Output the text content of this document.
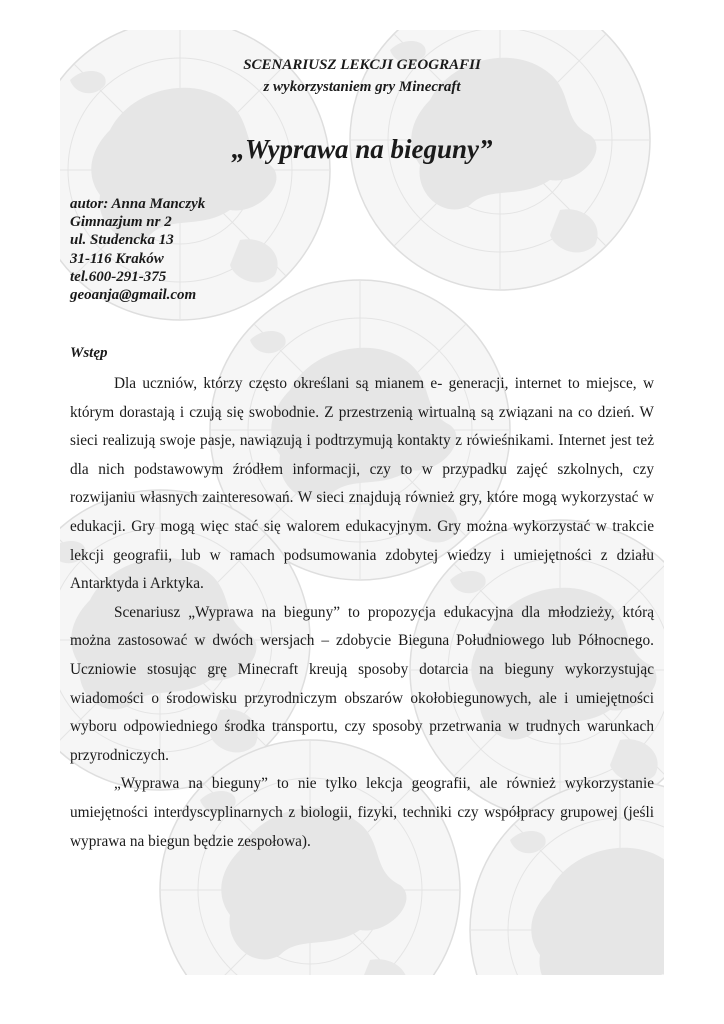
SCENARIUSZ LEKCJI GEOGRAFII
z wykorzystaniem gry Minecraft
„Wyprawa na bieguny”
autor: Anna Manczyk
Gimnazjum nr 2
ul. Studencka 13
31-116 Kraków
tel.600-291-375
geoanja@gmail.com
Wstęp

Dla uczniów, którzy często określani są mianem e- generacji, internet to miejsce, w którym dorastają i czują się swobodnie. Z przestrzenią wirtualną są związani na co dzień. W sieci realizują swoje pasje, nawiązują i podtrzymują kontakty z rówieśnikami. Internet jest też dla nich podstawowym źródłem informacji, czy to w przypadku zajęć szkolnych, czy rozwijaniu własnych zainteresowań. W sieci znajdują również gry, które mogą wykorzystać w edukacji. Gry mogą więc stać się walorem edukacyjnym. Gry można wykorzystać w trakcie lekcji geografii, lub w ramach podsumowania zdobytej wiedzy i umiejętności z działu Antarktyda i Arktyka.

Scenariusz „Wyprawa na bieguny” to propozycja edukacyjna dla młodzieży, którą można zastosować w dwóch wersjach – zdobycie Bieguna Południowego lub Północnego. Uczniowie stosując grę Minecraft kreują sposoby dotarcia na bieguny wykorzystując wiadomości o środowisku przyrodniczym obszarów okołobiegunowych, ale i umiejętności wyboru odpowiedniego środka transportu, czy sposoby przetrwania w trudnych warunkach przyrodniczych.

„Wyprawa na bieguny” to nie tylko lekcja geografii, ale również wykorzystanie umiejętności interdyscyplinarnych z biologii, fizyki, techniki czy współpracy grupowej (jeśli wyprawa na biegun będzie zespołowa).
